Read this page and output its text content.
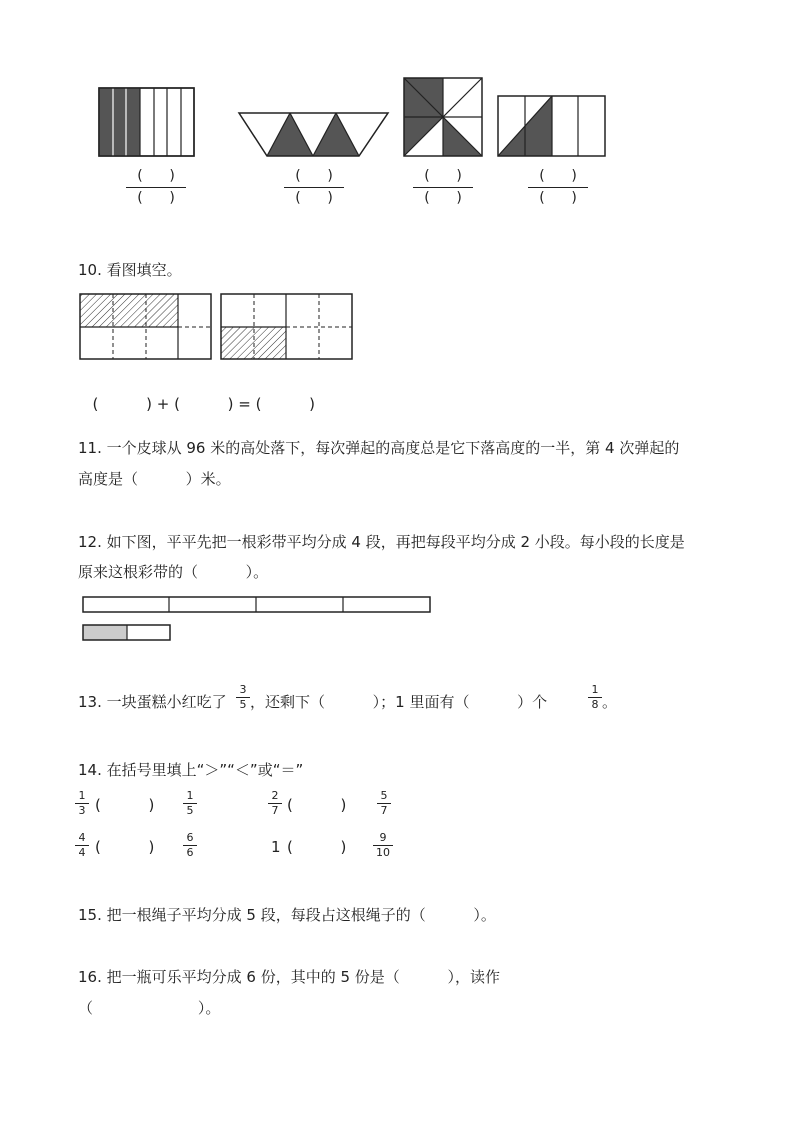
(      )
(      )
(      )
(      )
(      )
(      )
(      )
(      )
10. 看图填空。

(          ) + (          ) = (          )

11. 一个皮球从 96 米的高处落下，每次弹起的高度总是它下落高度的一半，第 4 次弹起的
高度是（          ）米。
12. 如下图，平平先把一根彩带平均分成 4 段，再把每段平均分成 2 小段。每小段的长度是
原来这根彩带的（          ）。
13. 一块蛋糕小红吃了
3
5 ，还剩下（          ）；1 里面有（          ）个
1
8 。
14. 在括号里填上“＞”“＜”或“＝”
1
3 (          )
1
5
2
7 (          )
5
7
4
4 (          )
6
6	1 (          )
9
10
15. 把一根绳子平均分成 5 段，每段占这根绳子的（          ）。
16. 把一瓶可乐平均分成 6 份，其中的 5 份是（          ），读作
（                      ）。
